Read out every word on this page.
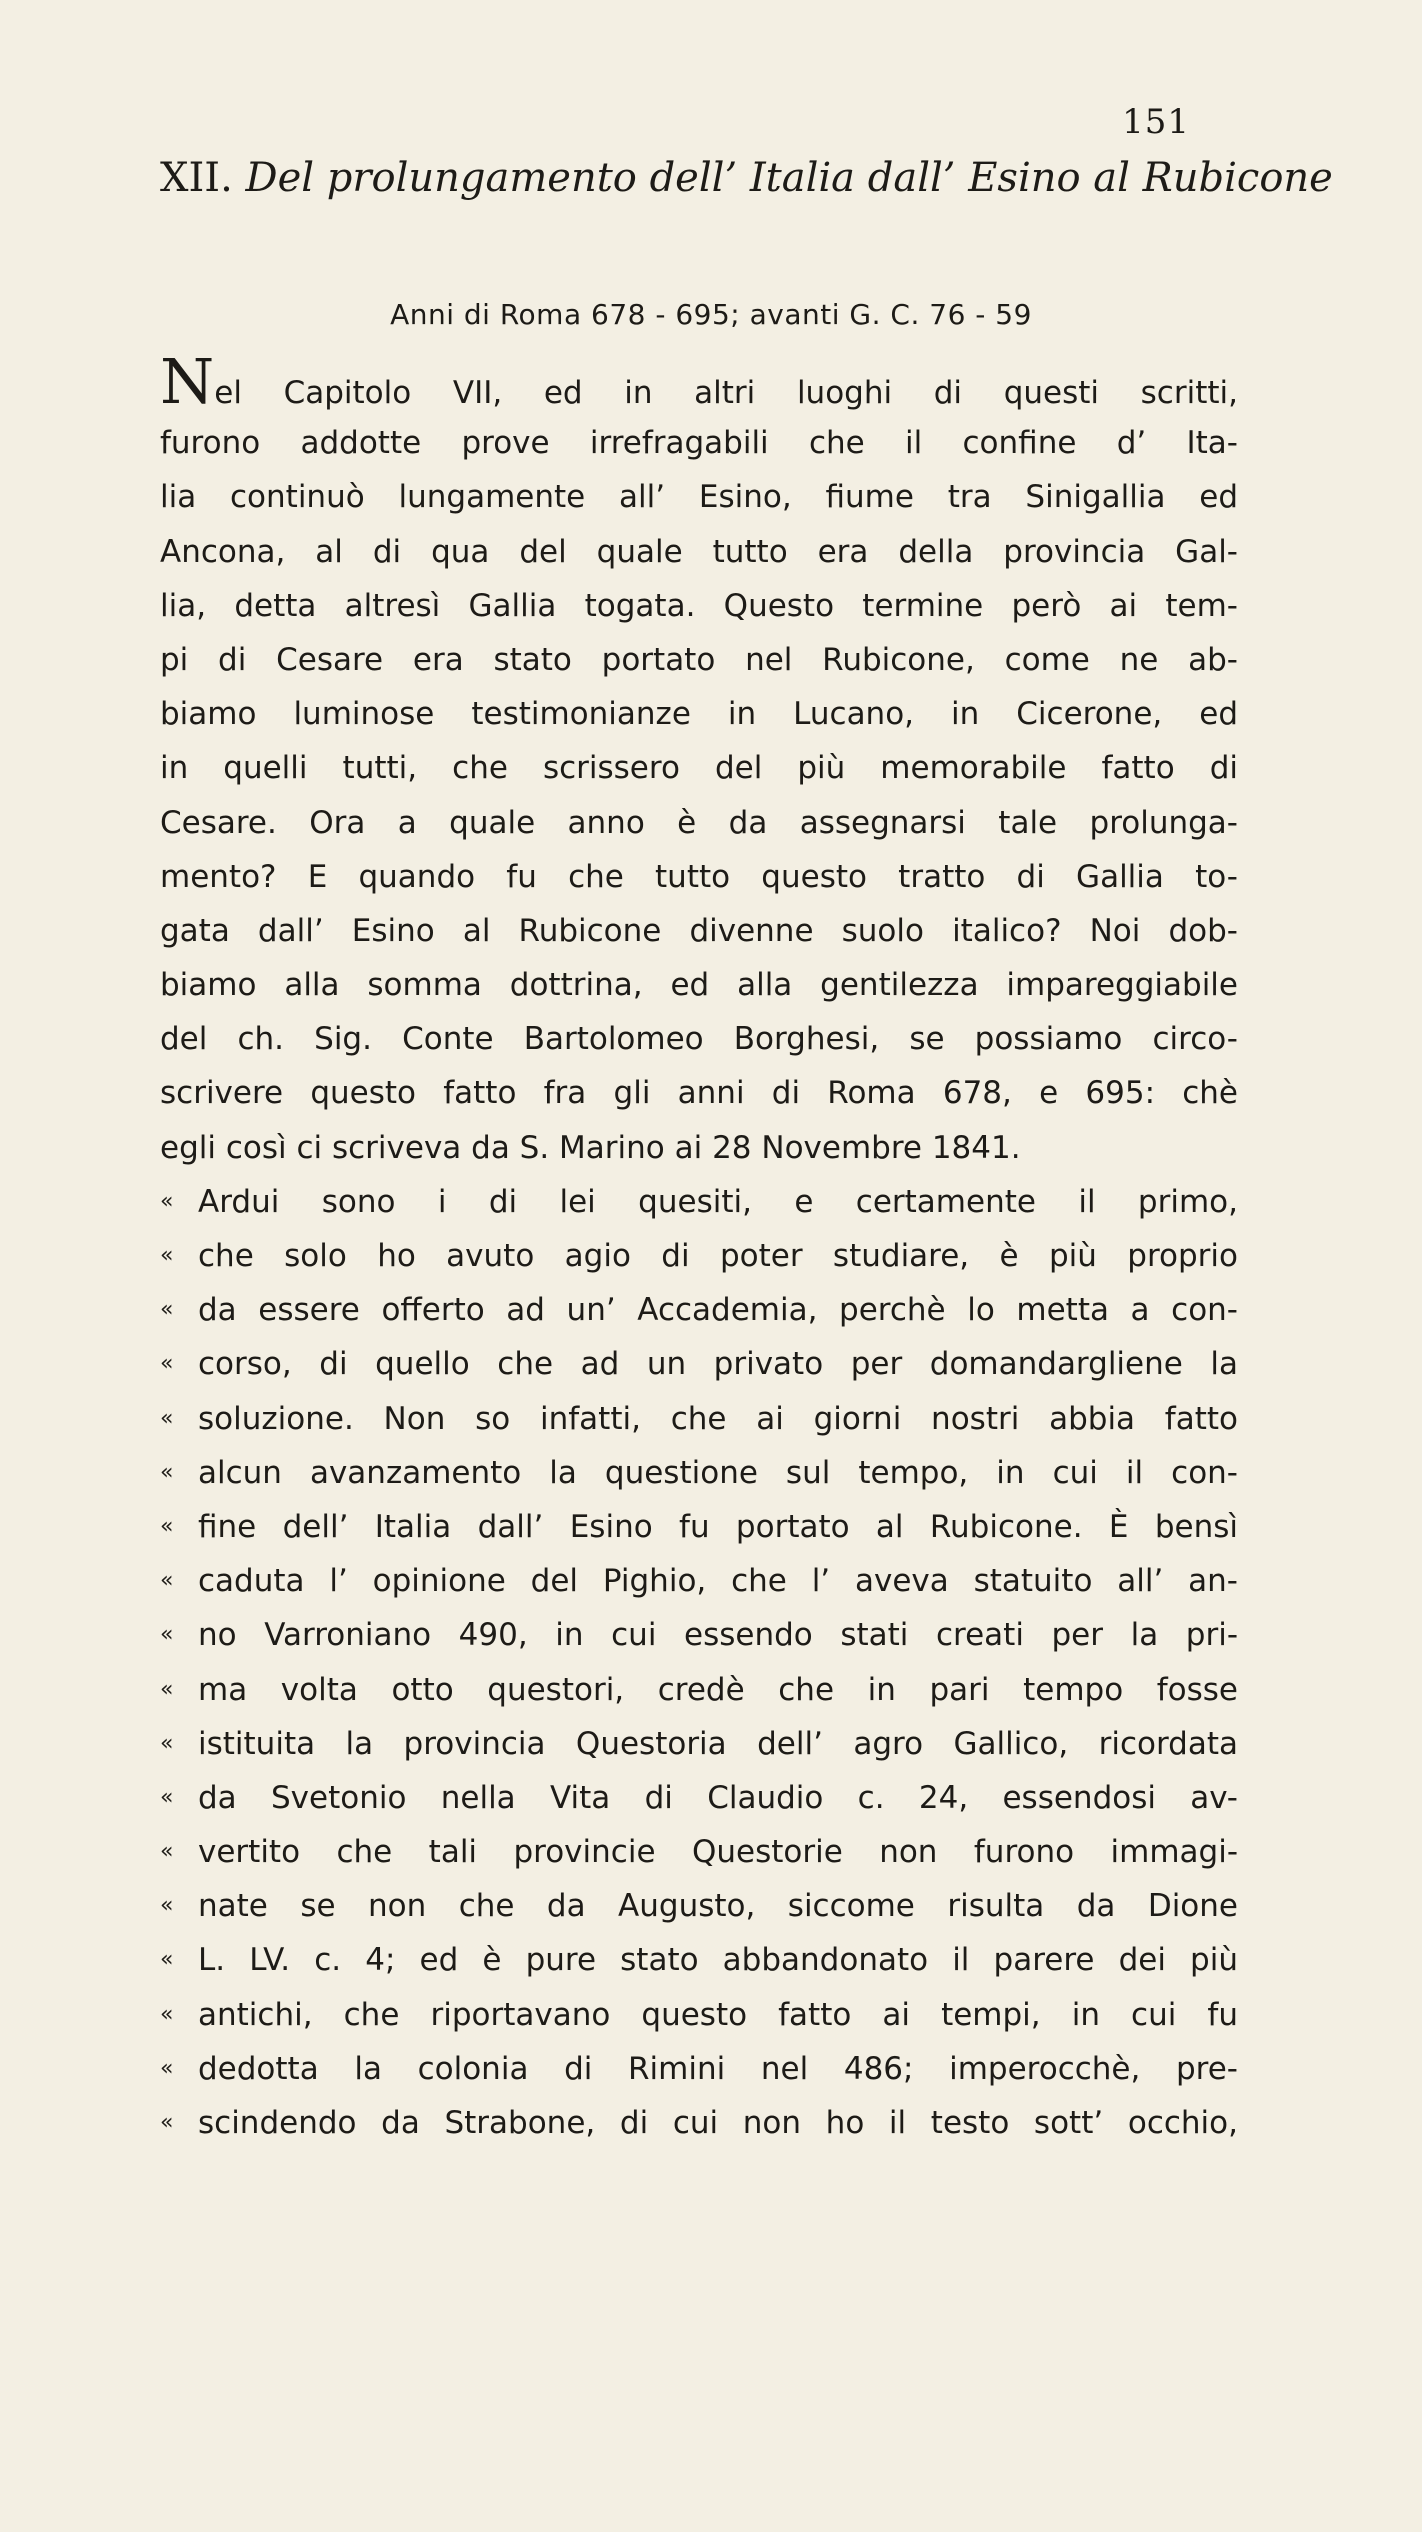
151
XII. Del prolungamento dell’ Italia dall’ Esino al Rubicone
Anni di Roma 678 - 695; avanti G. C. 76 - 59
Nel Capitolo VII, ed in altri luoghi di questi scritti,
furono addotte prove irrefragabili che il confine d’ Ita-
lia continuò lungamente all’ Esino, fiume tra Sinigallia ed
Ancona, al di qua del quale tutto era della provincia Gal-
lia, detta altresì Gallia togata. Questo termine però ai tem-
pi di Cesare era stato portato nel Rubicone, come ne ab-
biamo luminose testimonianze in Lucano, in Cicerone, ed
in quelli tutti, che scrissero del più memorabile fatto di
Cesare. Ora a quale anno è da assegnarsi tale prolunga-
mento? E quando fu che tutto questo tratto di Gallia to-
gata dall’ Esino al Rubicone divenne suolo italico? Noi dob-
biamo alla somma dottrina, ed alla gentilezza impareggiabile
del ch. Sig. Conte Bartolomeo Borghesi, se possiamo circo-
scrivere questo fatto fra gli anni di Roma 678, e 695: chè
egli così ci scriveva da S. Marino ai 28 Novembre 1841.
« Ardui sono i di lei quesiti, e certamente il primo,
« che solo ho avuto agio di poter studiare, è più proprio
« da essere offerto ad un’ Accademia, perchè lo metta a con-
« corso, di quello che ad un privato per domandargliene la
« soluzione. Non so infatti, che ai giorni nostri abbia fatto
« alcun avanzamento la questione sul tempo, in cui il con-
« fine dell’ Italia dall’ Esino fu portato al Rubicone. È bensì
« caduta l’ opinione del Pighio, che l’ aveva statuito all’ an-
« no Varroniano 490, in cui essendo stati creati per la pri-
« ma volta otto questori, credè che in pari tempo fosse
« istituita la provincia Questoria dell’ agro Gallico, ricordata
« da Svetonio nella Vita di Claudio c. 24, essendosi av-
« vertito che tali provincie Questorie non furono immagi-
« nate se non che da Augusto, siccome risulta da Dione
« L. LV. c. 4; ed è pure stato abbandonato il parere dei più
« antichi, che riportavano questo fatto ai tempi, in cui fu
« dedotta la colonia di Rimini nel 486; imperocchè, pre-
« scindendo da Strabone, di cui non ho il testo sott’ occhio,
